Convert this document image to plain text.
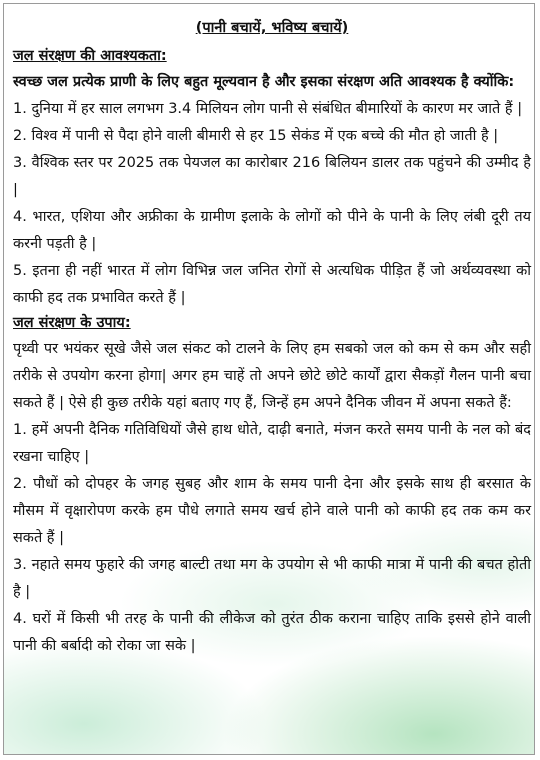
(पानी बचायें, भविष्य बचायें)
जल संरक्षण की आवश्यकता:
स्वच्छ जल प्रत्येक प्राणी के लिए बहुत मूल्यवान है और इसका संरक्षण अति आवश्यक है क्योंकि:
1. दुनिया में हर साल लगभग 3.4 मिलियन लोग पानी से संबंधित बीमारियों के कारण मर जाते हैं |
2. विश्व में पानी से पैदा होने वाली बीमारी से हर 15 सेकंड में एक बच्चे की मौत हो जाती है |
3. वैश्विक स्तर पर 2025 तक पेयजल का कारोबार 216 बिलियन डालर तक पहुंचने की उम्मीद है |
4. भारत, एशिया और अफ्रीका के ग्रामीण इलाके के लोगों को पीने के पानी के लिए लंबी दूरी तय करनी पड़ती है |
5. इतना ही नहीं भारत में लोग विभिन्न जल जनित रोगों से अत्यधिक पीड़ित हैं जो अर्थव्यवस्था को काफी हद तक प्रभावित करते हैं |
जल संरक्षण के उपाय:
पृथ्वी पर भयंकर सूखे जैसे जल संकट को टालने के लिए हम सबको जल को कम से कम और सही तरीके से उपयोग करना होगा| अगर हम चाहें तो अपने छोटे छोटे कार्यों द्वारा सैकड़ों गैलन पानी बचा सकते हैं | ऐसे ही कुछ तरीके यहां बताए गए हैं, जिन्हें हम अपने दैनिक जीवन में अपना सकते हैं:
1. हमें अपनी दैनिक गतिविधियों जैसे हाथ धोते, दाढ़ी बनाते, मंजन करते समय पानी के नल को बंद रखना चाहिए |
2. पौधों को दोपहर के जगह सुबह और शाम के समय पानी देना और इसके साथ ही बरसात के मौसम में वृक्षारोपण करके हम पौधे लगाते समय खर्च होने वाले पानी को काफी हद तक कम कर सकते हैं |
3. नहाते समय फुहारे की जगह बाल्टी तथा मग के उपयोग से भी काफी मात्रा में पानी की बचत होती है |
4. घरों में किसी भी तरह के पानी की लीकेज को तुरंत ठीक कराना चाहिए ताकि इससे होने वाली पानी की बर्बादी को रोका जा सके |
